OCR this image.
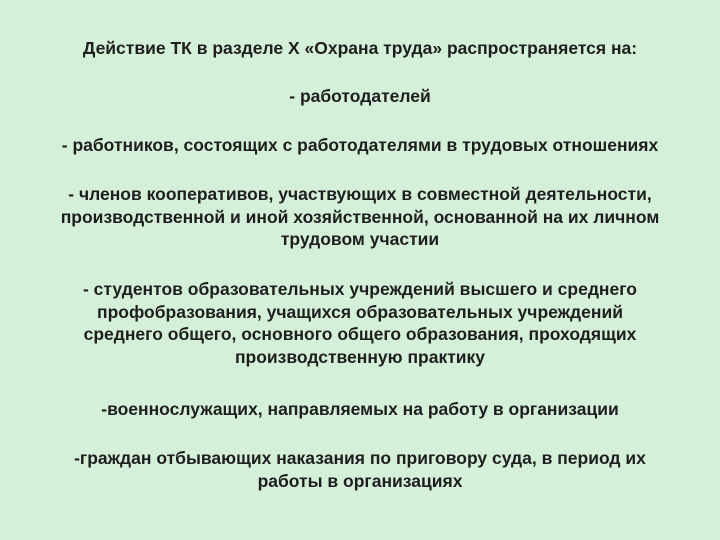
Действие ТК в разделе Х «Охрана труда» распространяется на:
- работодателей
- работников, состоящих с работодателями в трудовых отношениях
- членов кооперативов, участвующих в совместной деятельности,
производственной и иной хозяйственной, основанной на их личном
трудовом участии
- студентов образовательных учреждений высшего и среднего
профобразования, учащихся образовательных учреждений
среднего общего, основного общего образования, проходящих
производственную практику
-военнослужащих, направляемых на работу в организации
-граждан отбывающих наказания по приговору суда, в период их
работы в организациях
